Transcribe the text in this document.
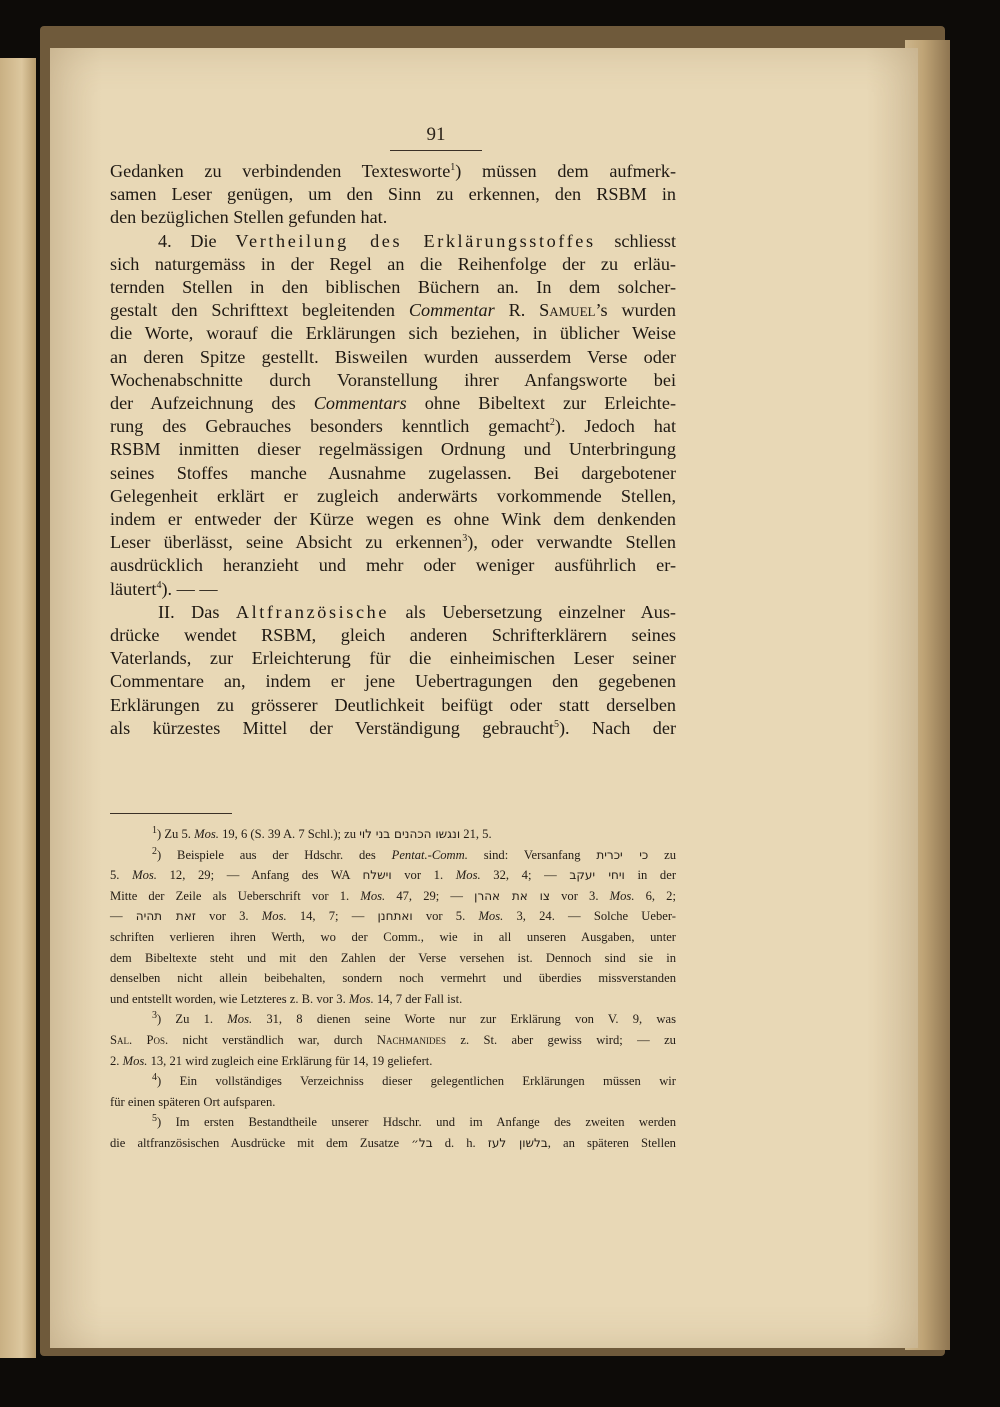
91
Gedanken zu verbindenden Textesworte$^1$) müssen dem aufmerk-
samen Leser genügen, um den Sinn zu erkennen, den RSBM in
den bezüglichen Stellen gefunden hat.
4. Die Vertheilung des Erklärungsstoffes schliesst
sich naturgemäss in der Regel an die Reihenfolge der zu erläu-
ternden Stellen in den biblischen Büchern an. In dem solcher-
gestalt den Schrifttext begleitenden Commentar R. Samuel’s wurden
die Worte, worauf die Erklärungen sich beziehen, in üblicher Weise
an deren Spitze gestellt. Bisweilen wurden ausserdem Verse oder
Wochenabschnitte durch Voranstellung ihrer Anfangsworte bei
der Aufzeichnung des Commentars ohne Bibeltext zur Erleichte-
rung des Gebrauches besonders kenntlich gemacht$^2$). Jedoch hat
RSBM inmitten dieser regelmässigen Ordnung und Unterbringung
seines Stoffes manche Ausnahme zugelassen. Bei dargebotener
Gelegenheit erklärt er zugleich anderwärts vorkommende Stellen,
indem er entweder der Kürze wegen es ohne Wink dem denkenden
Leser überlässt, seine Absicht zu erkennen$^3$), oder verwandte Stellen
ausdrücklich heranzieht und mehr oder weniger ausführlich er-
läutert$^4$). — —
II. Das Altfranzösische als Uebersetzung einzelner Aus-
drücke wendet RSBM, gleich anderen Schrifterklärern seines
Vaterlands, zur Erleichterung für die einheimischen Leser seiner
Commentare an, indem er jene Uebertragungen den gegebenen
Erklärungen zu grösserer Deutlichkeit beifügt oder statt derselben
als kürzestes Mittel der Verständigung gebraucht$^5$). Nach der
$^1$) Zu 5. Mos. 19, 6 (S. 39 A. 7 Schl.); zu ונגשו הכהנים בני לוי 21, 5.
$^2$) Beispiele aus der Hdschr. des Pentat.-Comm. sind: Versanfang כי יכרית zu
5. Mos. 12, 29; — Anfang des WA וישלח vor 1. Mos. 32, 4; — ויחי יעקב in der
Mitte der Zeile als Ueberschrift vor 1. Mos. 47, 29; — צו את אהרן vor 3. Mos. 6, 2;
— זאת תהיה vor 3. Mos. 14, 7; — ואתחנן vor 5. Mos. 3, 24. — Solche Ueber-
schriften verlieren ihren Werth, wo der Comm., wie in all unseren Ausgaben, unter
dem Bibeltexte steht und mit den Zahlen der Verse versehen ist. Dennoch sind sie in
denselben nicht allein beibehalten, sondern noch vermehrt und überdies missverstanden
und entstellt worden, wie Letzteres z. B. vor 3. Mos. 14, 7 der Fall ist.
$^3$) Zu 1. Mos. 31, 8 dienen seine Worte nur zur Erklärung von V. 9, was
Sal. Pos. nicht verständlich war, durch Nachmanides z. St. aber gewiss wird; — zu
2. Mos. 13, 21 wird zugleich eine Erklärung für 14, 19 geliefert.
$^4$) Ein vollständiges Verzeichniss dieser gelegentlichen Erklärungen müssen wir
für einen späteren Ort aufsparen.
$^5$) Im ersten Bestandtheile unserer Hdschr. und im Anfange des zweiten werden
die altfranzösischen Ausdrücke mit dem Zusatze בל״ d. h. בלשון לעז, an späteren Stellen
